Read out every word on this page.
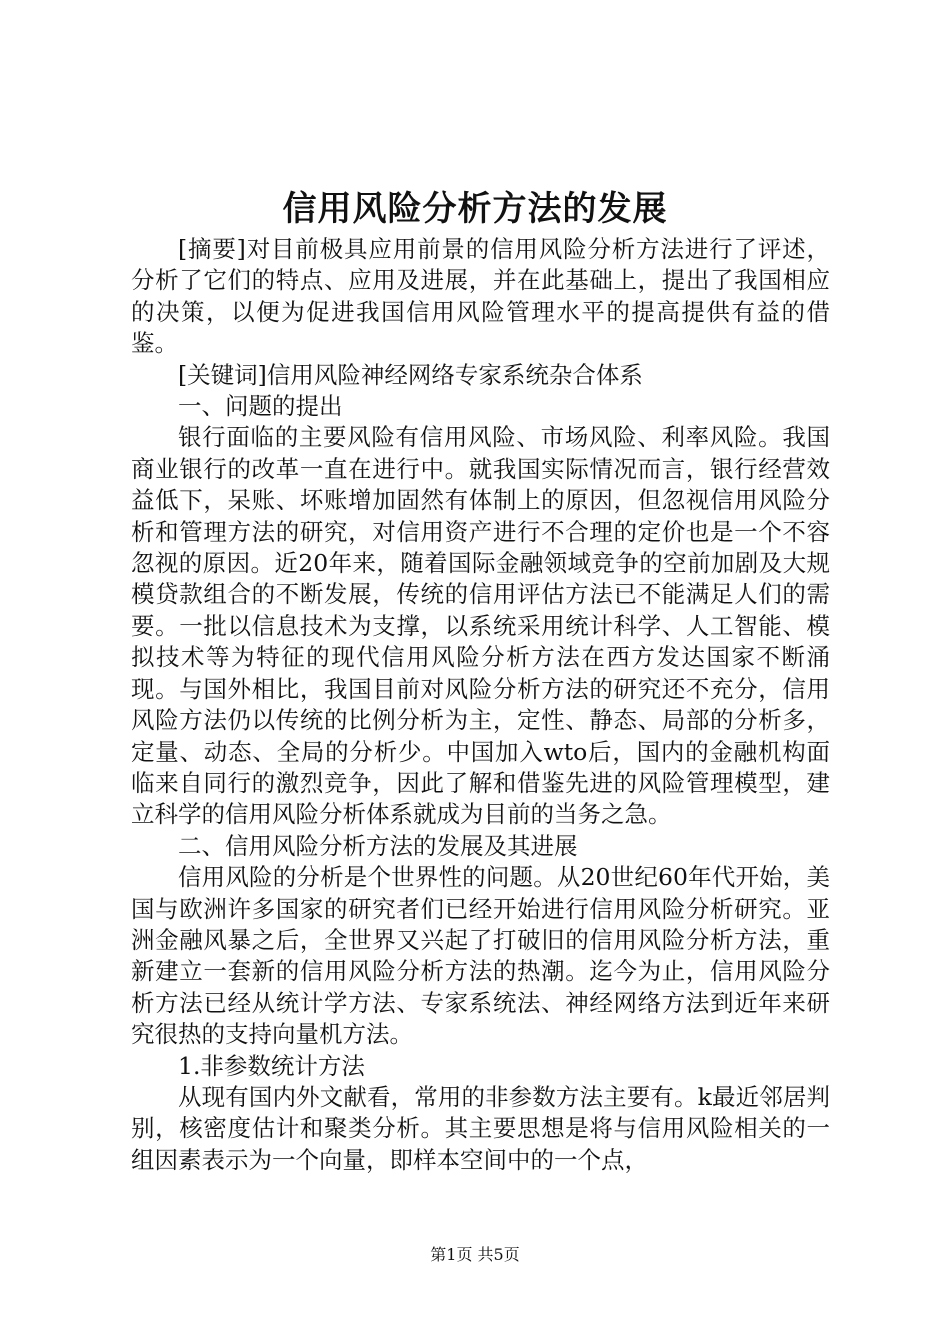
信用风险分析方法的发展

[摘要]对目前极具应用前景的信用风险分析方法进行了评述，分析了它们的特点、应用及进展，并在此基础上，提出了我国相应的决策，以便为促进我国信用风险管理水平的提高提供有益的借鉴。

[关键词]信用风险神经网络专家系统杂合体系

一、问题的提出

银行面临的主要风险有信用风险、市场风险、利率风险。我国商业银行的改革一直在进行中。就我国实际情况而言，银行经营效益低下，呆账、坏账增加固然有体制上的原因，但忽视信用风险分析和管理方法的研究，对信用资产进行不合理的定价也是一个不容忽视的原因。近20年来，随着国际金融领域竞争的空前加剧及大规模贷款组合的不断发展，传统的信用评估方法已不能满足人们的需要。一批以信息技术为支撑，以系统采用统计科学、人工智能、模拟技术等为特征的现代信用风险分析方法在西方发达国家不断涌现。与国外相比，我国目前对风险分析方法的研究还不充分，信用风险方法仍以传统的比例分析为主，定性、静态、局部的分析多，定量、动态、全局的分析少。中国加入wto后，国内的金融机构面临来自同行的激烈竞争，因此了解和借鉴先进的风险管理模型，建立科学的信用风险分析体系就成为目前的当务之急。

二、信用风险分析方法的发展及其进展

信用风险的分析是个世界性的问题。从20世纪60年代开始，美国与欧洲许多国家的研究者们已经开始进行信用风险分析研究。亚洲金融风暴之后，全世界又兴起了打破旧的信用风险分析方法，重新建立一套新的信用风险分析方法的热潮。迄今为止，信用风险分析方法已经从统计学方法、专家系统法、神经网络方法到近年来研究很热的支持向量机方法。

1.非参数统计方法

从现有国内外文献看，常用的非参数方法主要有。k最近邻居判别，核密度估计和聚类分析。其主要思想是将与信用风险相关的一组因素表示为一个向量，即样本空间中的一个点，

第1页 共5页
